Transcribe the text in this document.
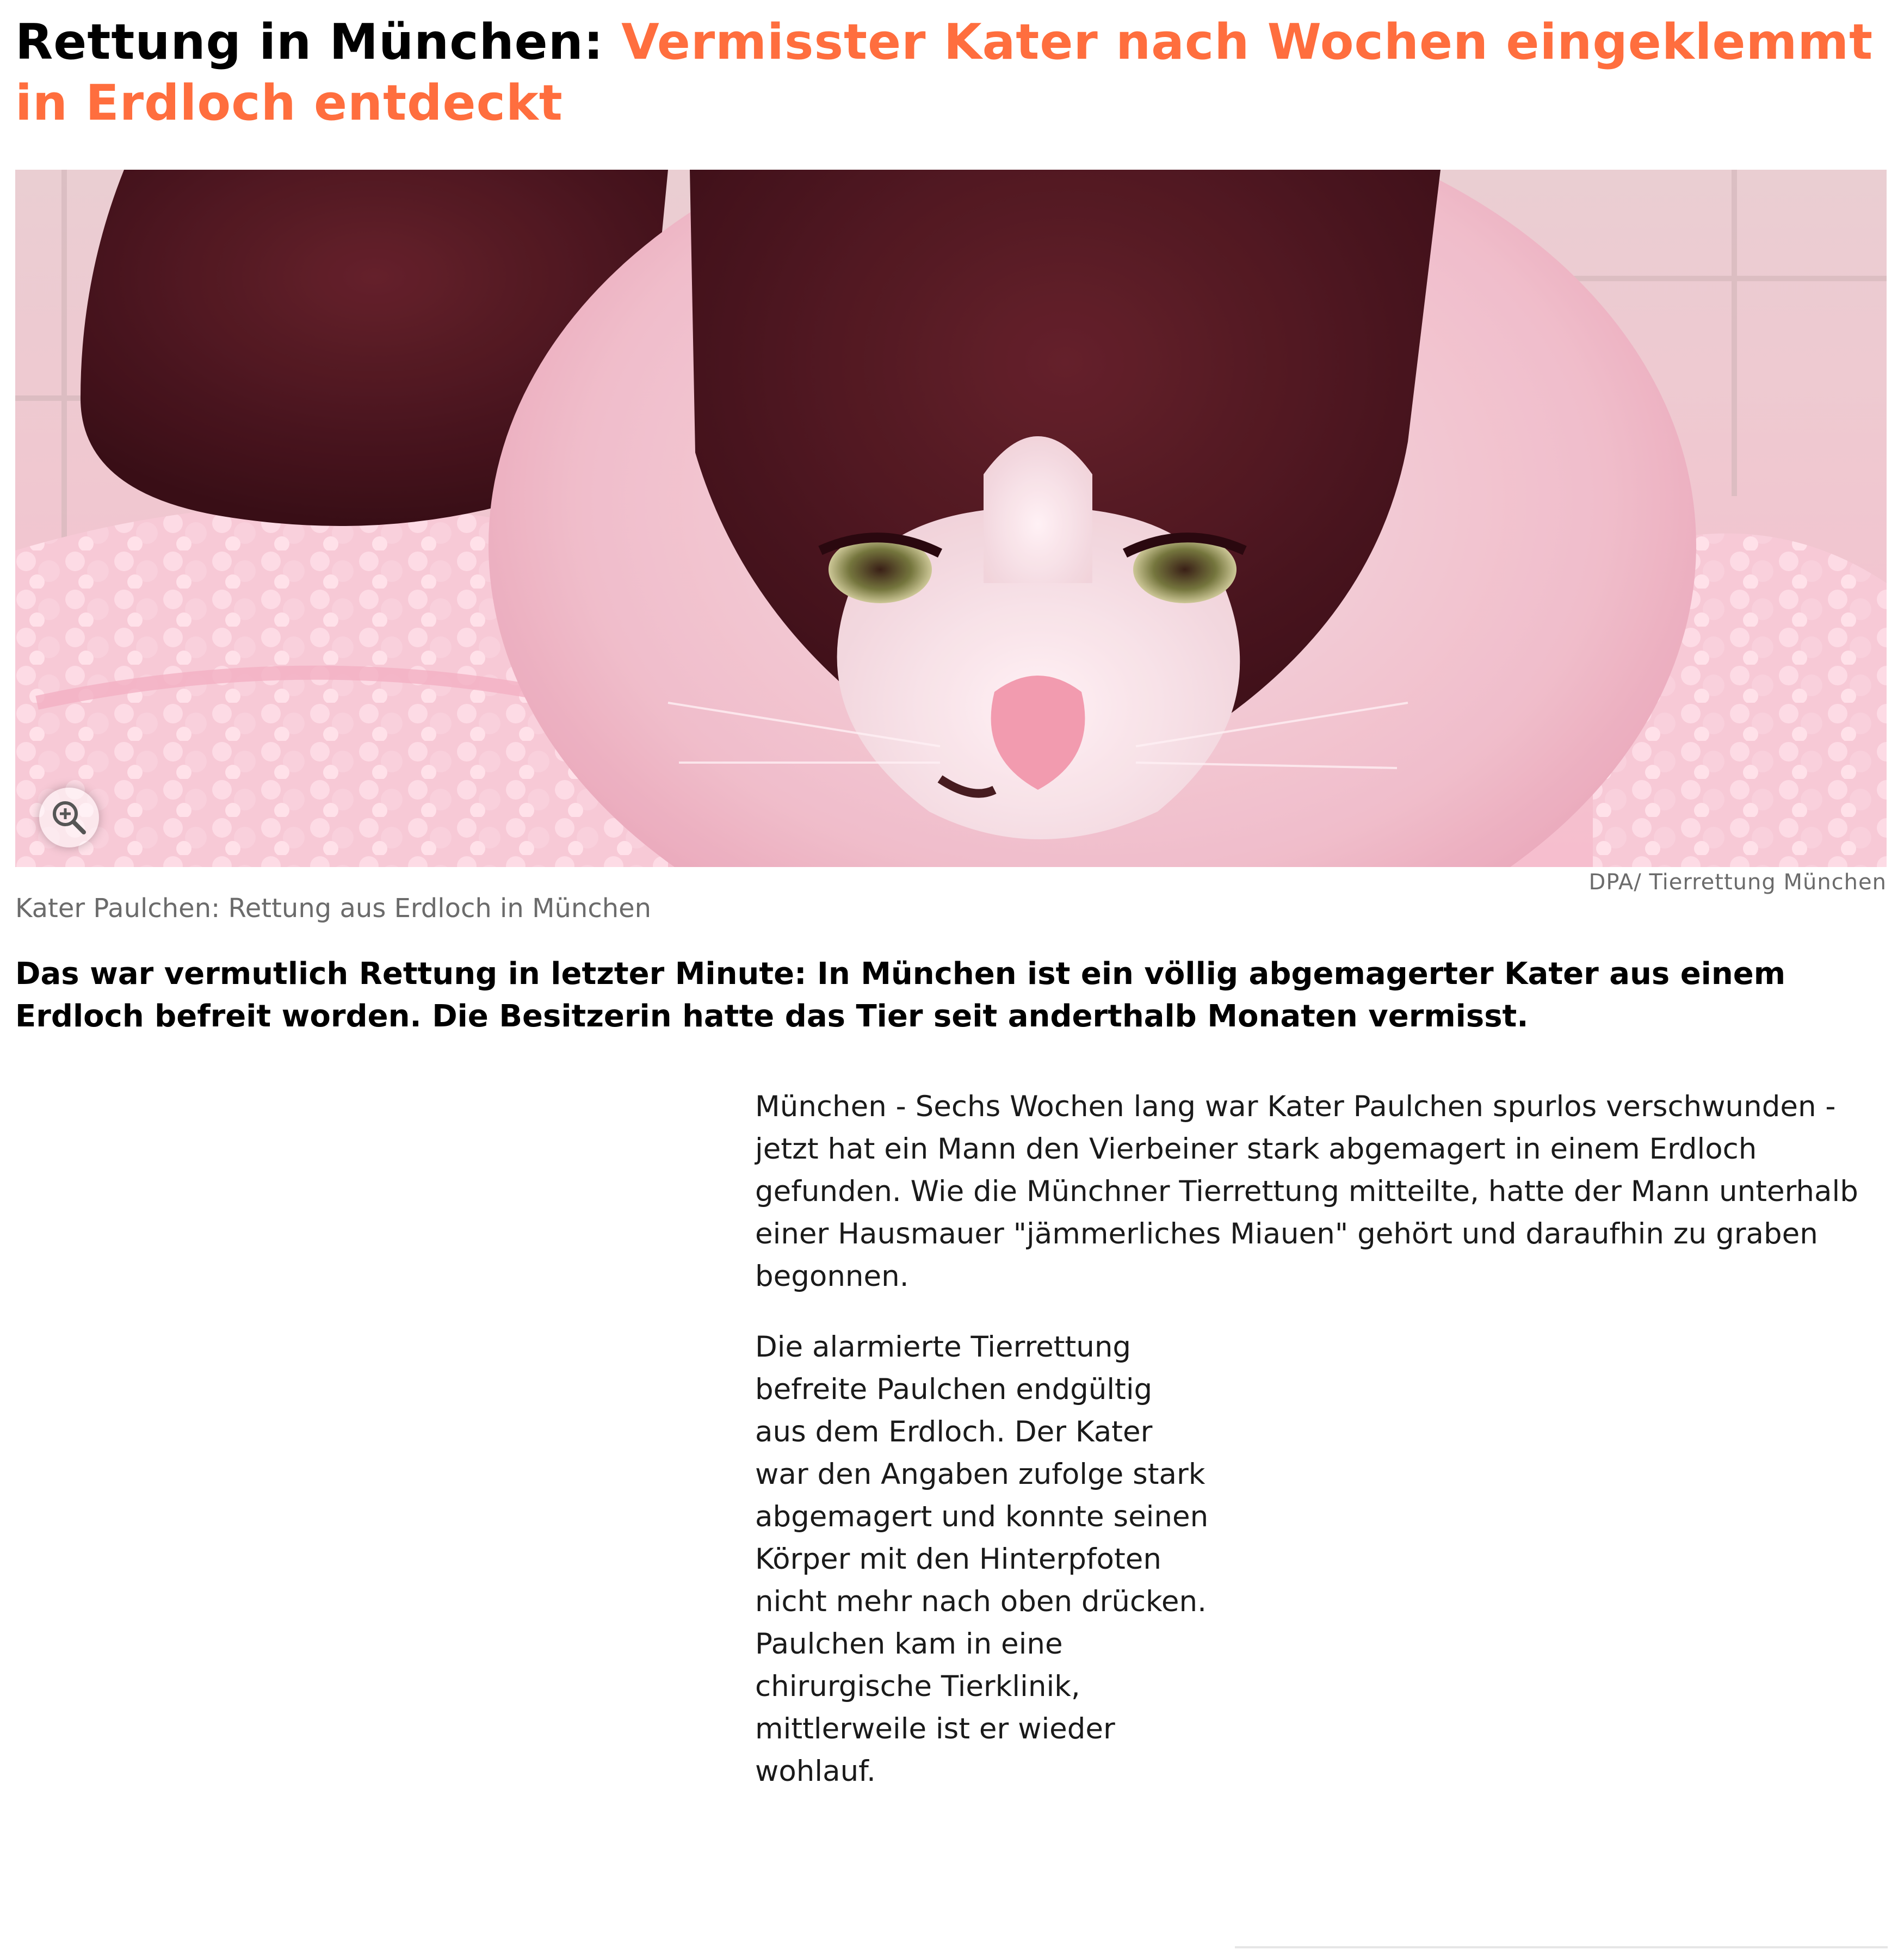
Rettung in München: Vermisster Kater nach Wochen eingeklemmt in Erdloch entdeckt
DPA/ Tierrettung München
Kater Paulchen: Rettung aus Erdloch in München

Das war vermutlich Rettung in letzter Minute: In München ist ein völlig abgemagerter Kater aus einem Erdloch befreit worden. Die Besitzerin hatte das Tier seit anderthalb Monaten vermisst.

München - Sechs Wochen lang war Kater Paulchen spurlos verschwunden - jetzt hat ein Mann den Vierbeiner stark abgemagert in einem Erdloch gefunden. Wie die Münchner Tierrettung mitteilte, hatte der Mann unterhalb einer Hausmauer "jämmerliches Miauen" gehört und daraufhin zu graben begonnen.

Die alarmierte Tierrettung befreite Paulchen endgültig aus dem Erdloch. Der Kater war den Angaben zufolge stark abgemagert und konnte seinen Körper mit den Hinterpfoten nicht mehr nach oben drücken. Paulchen kam in eine chirurgische Tierklinik, mittlerweile ist er wieder wohlauf.
